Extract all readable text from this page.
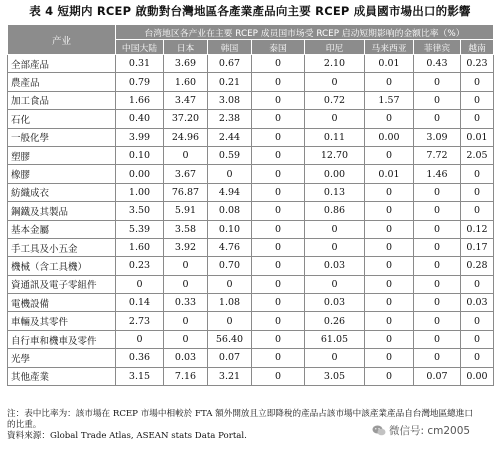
表 4 短期内 RCEP 啟動對台灣地區各產業產品向主要 RCEP 成員國市場出口的影響
产业	台湾地区各产业在主要 RCEP 成员国市场受 RCEP 启动短期影响的金额比率（%）							
	中国大陆	日本	韩国	泰国	印尼	马来西亚	菲律宾	越南
全部產品	0.31	3.69	0.67	0	2.10	0.01	0.43	0.23
農產品	0.79	1.60	0.21	0	0	0	0	0
加工食品	1.66	3.47	3.08	0	0.72	1.57	0	0
石化	0.40	37.20	2.38	0	0	0	0	0
一般化學	3.99	24.96	2.44	0	0.11	0.00	3.09	0.01
塑膠	0.10	0	0.59	0	12.70	0	7.72	2.05
橡膠	0.00	3.67	0	0	0.00	0.01	1.46	0
紡織成衣	1.00	76.87	4.94	0	0.13	0	0	0
鋼鐵及其製品	3.50	5.91	0.08	0	0.86	0	0	0
基本金屬	5.39	3.58	0.10	0	0	0	0	0.12
手工具及小五金	1.60	3.92	4.76	0	0	0	0	0.17
機械（含工具機）	0.23	0	0.70	0	0.03	0	0	0.28
資通訊及電子零組件	0	0	0	0	0	0	0	0
電機設備	0.14	0.33	1.08	0	0.03	0	0	0.03
車輛及其零件	2.73	0	0	0	0.26	0	0	0
自行車和機車及零件	0	0	56.40	0	61.05	0	0	0
光學	0.36	0.03	0.07	0	0	0	0	0
其他產業	3.15	7.16	3.21	0	3.05	0	0.07	0.00
注：表中比率为：該市場在 RCEP 市場中相較於 FTA 額外開放且立即降稅的產品占該市場中該產業產品自台灣地區總進口的比重。
資料來源：Global Trade Atlas, ASEAN stats Data Portal.	微信号: cm2005
